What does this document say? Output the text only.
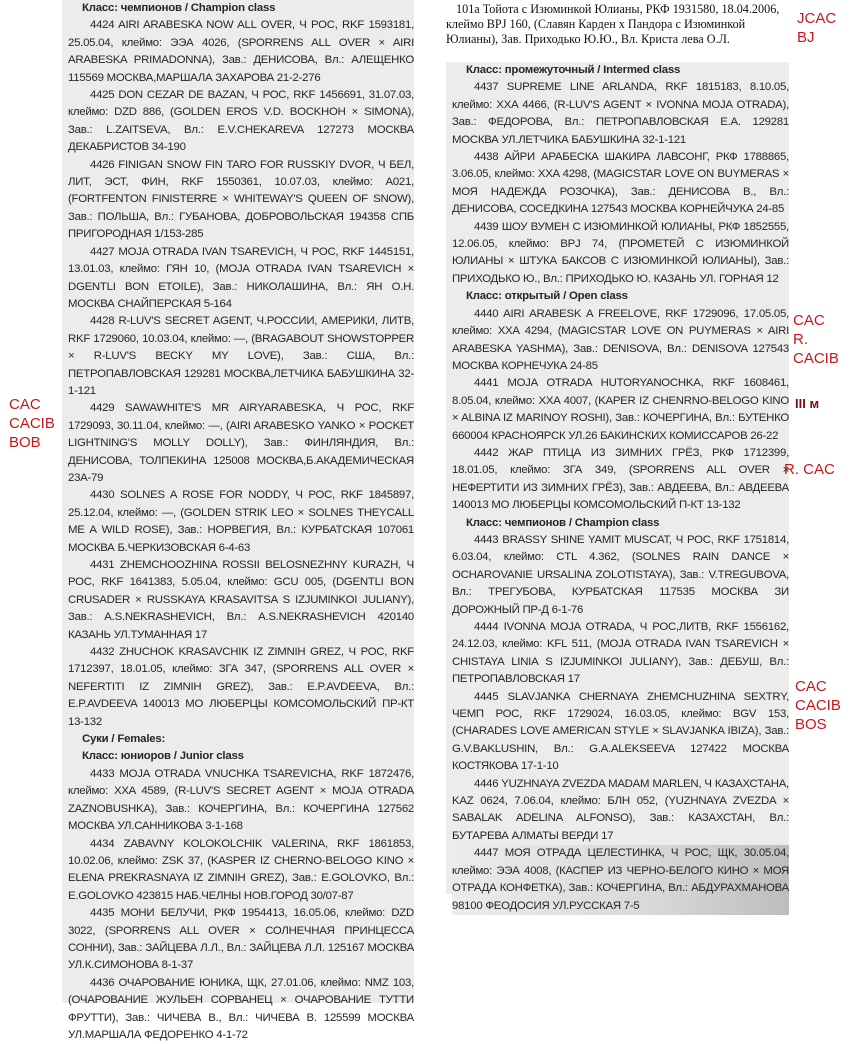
101a Тойота с Изюминкой Юлианы, РКФ 1931580, 18.04.2006, клеймо BPJ 160, (Славян Карден х Пандора с Изюминкой Юлианы), Зав. Приходько Ю.Ю., Вл. Криста лева О.Л.

Класс: чемпионов / Champion class

4424 AIRI ARABESKA NOW ALL OVER, Ч РОС, RKF 1593181, 25.05.04, клеймо: ЭЭА 4026, (SPORRENS ALL OVER × AIRI ARABESKA PRIMADONNA), Зав.: ДЕНИСОВА, Вл.: АЛЕЩЕНКО 115569 МОСКВА,МАРШАЛА ЗАХАРОВА 21-2-276

4425 DON CEZAR DE BAZAN, Ч РОС, RKF 1456691, 31.07.03, клеймо: DZD 886, (GOLDEN EROS V.D. BOCKHOH × SIMONA), Зав.: L.ZAITSEVA, Вл.: E.V.CHEKAREVA 127273 МОСКВА ДЕКАБРИСТОВ 34-190

4426 FINIGAN SNOW FIN TARO FOR RUSSKIY DVOR, Ч БЕЛ, ЛИТ, ЭСТ, ФИН, RKF 1550361, 10.07.03, клеймо: A021, (FORTFENTON FINISTERRE × WHITEWAY'S QUEEN OF SNOW), Зав.: ПОЛЬША, Вл.: ГУБАНОВА, ДОБРОВОЛЬСКАЯ 194358 СПБ ПРИГОРОДНАЯ 1/153-285

4427 MOJA OTRADA IVAN TSAREVICH, Ч РОС, RKF 1445151, 13.01.03, клеймо: ГЯН 10, (MOJA OTRADA IVAN TSAREVICH × DGENTLI BON ETOILE), Зав.: НИКОЛАШИНА, Вл.: ЯН О.Н. МОСКВА СНАЙПЕРСКАЯ 5-164

4428 R-LUV'S SECRET AGENT, Ч.РОССИИ, АМЕРИКИ, ЛИТВ, RKF 1729060, 10.03.04, клеймо: —, (BRAGABOUT SHOWSTOPPER × R-LUV'S BECKY MY LOVE), Зав.: США, Вл.: ПЕТРОПАВЛОВСКАЯ 129281 МОСКВА,ЛЕТЧИКА БАБУШКИНА 32-1-121

4429 SAWAWHITE'S MR AIRYARABESKA, Ч РОС, RKF 1729093, 30.11.04, клеймо: —, (AIRI ARABESKO YANKO × POCKET LIGHTNING'S MOLLY DOLLY), Зав.: ФИНЛЯНДИЯ, Вл.: ДЕНИСОВА, ТОЛПЕКИНА 125008 МОСКВА,Б.АКАДЕМИЧЕСКАЯ 23А-79

4430 SOLNES A ROSE FOR NODDY, Ч РОС, RKF 1845897, 25.12.04, клеймо: —, (GOLDEN STRIK LEO × SOLNES THEYCALL ME A WILD ROSE), Зав.: НОРВЕГИЯ, Вл.: КУРБАТСКАЯ 107061 МОСКВА Б.ЧЕРКИЗОВСКАЯ 6-4-63

4431 ZHEMCHOOZHINA ROSSII BELOSNEZHNY KURAZH, Ч РОС, RKF 1641383, 5.05.04, клеймо: GCU 005, (DGENTLI BON CRUSADER × RUSSKAYA KRASAVITSA S IZJUMINKOI JULIANY), Зав.: A.S.NEKRASHEVICH, Вл.: A.S.NEKRASHEVICH 420140 КАЗАНЬ УЛ.ТУМАННАЯ 17

4432 ZHUCHOK KRASAVCHIK IZ ZIMNIH GREZ, Ч РОС, RKF 1712397, 18.01.05, клеймо: ЗГА 347, (SPORRENS ALL OVER × NEFERTITI IZ ZIMNIH GREZ), Зав.: E.P.AVDEEVA, Вл.: E.P.AVDEEVA 140013 МО ЛЮБЕРЦЫ КОМСОМОЛЬСКИЙ ПР-КТ 13-132

Суки / Females:

Класс: юниоров / Junior class

4433 MOJA OTRADA VNUCHKA TSAREVICHA, RKF 1872476, клеймо: XXA 4589, (R-LUV'S SECRET AGENT × MOJA OTRADA ZAZNOBUSHKA), Зав.: КОЧЕРГИНА, Вл.: КОЧЕРГИНА 127562 МОСКВА УЛ.САННИКОВА 3-1-168

4434 ZABAVNY KOLOKOLCHIK VALERINA, RKF 1861853, 10.02.06, клеймо: ZSK 37, (KASPER IZ CHERNO-BELOGO KINO × ELENA PREKRASNAYA IZ ZIMNIH GREZ), Зав.: E.GOLOVKO, Вл.: E.GOLOVKO 423815 НАБ.ЧЕЛНЫ НОВ.ГОРОД 30/07-87

4435 МОНИ БЕЛУЧИ, РКФ 1954413, 16.05.06, клеймо: DZD 3022, (SPORRENS ALL OVER × СОЛНЕЧНАЯ ПРИНЦЕССА СОННИ), Зав.: ЗАЙЦЕВА Л.Л., Вл.: ЗАЙЦЕВА Л.Л. 125167 МОСКВА УЛ.К.СИМОНОВА 8-1-37

4436 ОЧАРОВАНИЕ ЮНИКА, ЩК, 27.01.06, клеймо: NMZ 103, (ОЧАРОВАНИЕ ЖУЛЬЕН СОРВАНЕЦ × ОЧАРОВАНИЕ ТУТТИ ФРУТТИ), Зав.: ЧИЧЕВА В., Вл.: ЧИЧЕВА В. 125599 МОСКВА УЛ.МАРШАЛА ФЕДОРЕНКО 4-1-72

Класс: промежуточный / Intermed class

4437 SUPREME LINE ARLANDA, RKF 1815183, 8.10.05, клеймо: XXA 4466, (R-LUV'S AGENT × IVONNA MOJA OTRADA), Зав.: ФЕДОРОВА, Вл.: ПЕТРОПАВЛОВСКАЯ Е.А. 129281 МОСКВА УЛ.ЛЕТЧИКА БАБУШКИНА 32-1-121

4438 АЙРИ АРАБЕСКА ШАКИРА ЛАВСОНГ, РКФ 1788865, 3.06.05, клеймо: XXA 4298, (MAGICSTAR LOVE ON BUYMERAS × МОЯ НАДЕЖДА РОЗОЧКА), Зав.: ДЕНИСОВА В., Вл.: ДЕНИСОВА, СОСЕДКИНА 127543 МОСКВА КОРНЕЙЧУКА 24-85

4439 ШОУ ВУМЕН С ИЗЮМИНКОЙ ЮЛИАНЫ, РКФ 1852555, 12.06.05, клеймо: BPJ 74, (ПРОМЕТЕЙ С ИЗЮМИНКОЙ ЮЛИАНЫ × ШТУКА БАКСОВ С ИЗЮМИНКОЙ ЮЛИАНЫ), Зав.: ПРИХОДЬКО Ю., Вл.: ПРИХОДЬКО Ю. КАЗАНЬ УЛ. ГОРНАЯ 12

Класс: открытый / Open class

4440 AIRI ARABESK A FREELOVE, RKF 1729096, 17.05.05, клеймо: XXA 4294, (MAGICSTAR LOVE ON PUYMERAS × AIRI ARABESKA YASHMA), Зав.: DENISOVA, Вл.: DENISOVA 127543 МОСКВА КОРНЕЧУКА 24-85

4441 MOJA OTRADA HUTORYANOCHKA, RKF 1608461, 8.05.04, клеймо: XXA 4007, (KAPER IZ CHENRNO-BELOGO KINO × ALBINA IZ MARINOY ROSHI), Зав.: КОЧЕРГИНА, Вл.: БУТЕНКО 660004 КРАСНОЯРСК УЛ.26 БАКИНСКИХ КОМИССАРОВ 26-22

4442 ЖАР ПТИЦА ИЗ ЗИМНИХ ГРЁЗ, РКФ 1712399, 18.01.05, клеймо: ЗГА 349, (SPORRENS ALL OVER × НЕФЕРТИТИ ИЗ ЗИМНИХ ГРЁЗ), Зав.: АВДЕЕВА, Вл.: АВДЕЕВА 140013 МО ЛЮБЕРЦЫ КОМСОМОЛЬСКИЙ П-КТ 13-132

Класс: чемпионов / Champion class

4443 BRASSY SHINE YAMIT MUSCAT, Ч РОС, RKF 1751814, 6.03.04, клеймо: CTL 4.362, (SOLNES RAIN DANCE × OCHAROVANIE URSALINA ZOLOTISTAYA), Зав.: V.TREGUBOVA, Вл.: ТРЕГУБОВА, КУРБАТСКАЯ 117535 МОСКВА ЗИ ДОРОЖНЫЙ ПР-Д 6-1-76

4444 IVONNA MOJA OTRADA, Ч РОС,ЛИТВ, RKF 1556162, 24.12.03, клеймо: KFL 511, (MOJA OTRADA IVAN TSAREVICH × CHISTAYA LINIA S IZJUMINKOI JULIANY), Зав.: ДЕБУШ, Вл.: ПЕТРОПАВЛОВСКАЯ 17

4445 SLAVJANKA CHERNAYA ZHEMCHUZHINA SEXTRY, ЧЕМП РОС, RKF 1729024, 16.03.05, клеймо: BGV 153, (CHARADES LOVE AMERICAN STYLE × SLAVJANKA IBIZA), Зав.: G.V.BAKLUSHIN, Вл.: G.A.ALEKSEEVA 127422 МОСКВА КОСТЯКОВА 17-1-10

4446 YUZHNAYA ZVEZDA MADAM MARLEN, Ч КАЗАХСТАНА, KAZ 0624, 7.06.04, клеймо: БЛН 052, (YUZHNAYA ZVEZDA × SABALAK ADELINA ALFONSO), Зав.: КАЗАХСТАН, Вл.: БУТАРЕВА АЛМАТЫ ВЕРДИ 17

4447 МОЯ ОТРАДА ЦЕЛЕСТИНКА, Ч РОС, ЩК, 30.05.04, клеймо: ЭЭА 4008, (КАСПЕР ИЗ ЧЕРНО-БЕЛОГО КИНО × МОЯ ОТРАДА КОНФЕТКА), Зав.: КОЧЕРГИНА, Вл.: АБДУРАХМАНОВА 98100 ФЕОДОСИЯ УЛ.РУССКАЯ 7-5

JCAC
BJ
CAC
CACIB
BOB
CAC
R.
CACIB
III м
R. CAC
CAC
CACIB
BOS
